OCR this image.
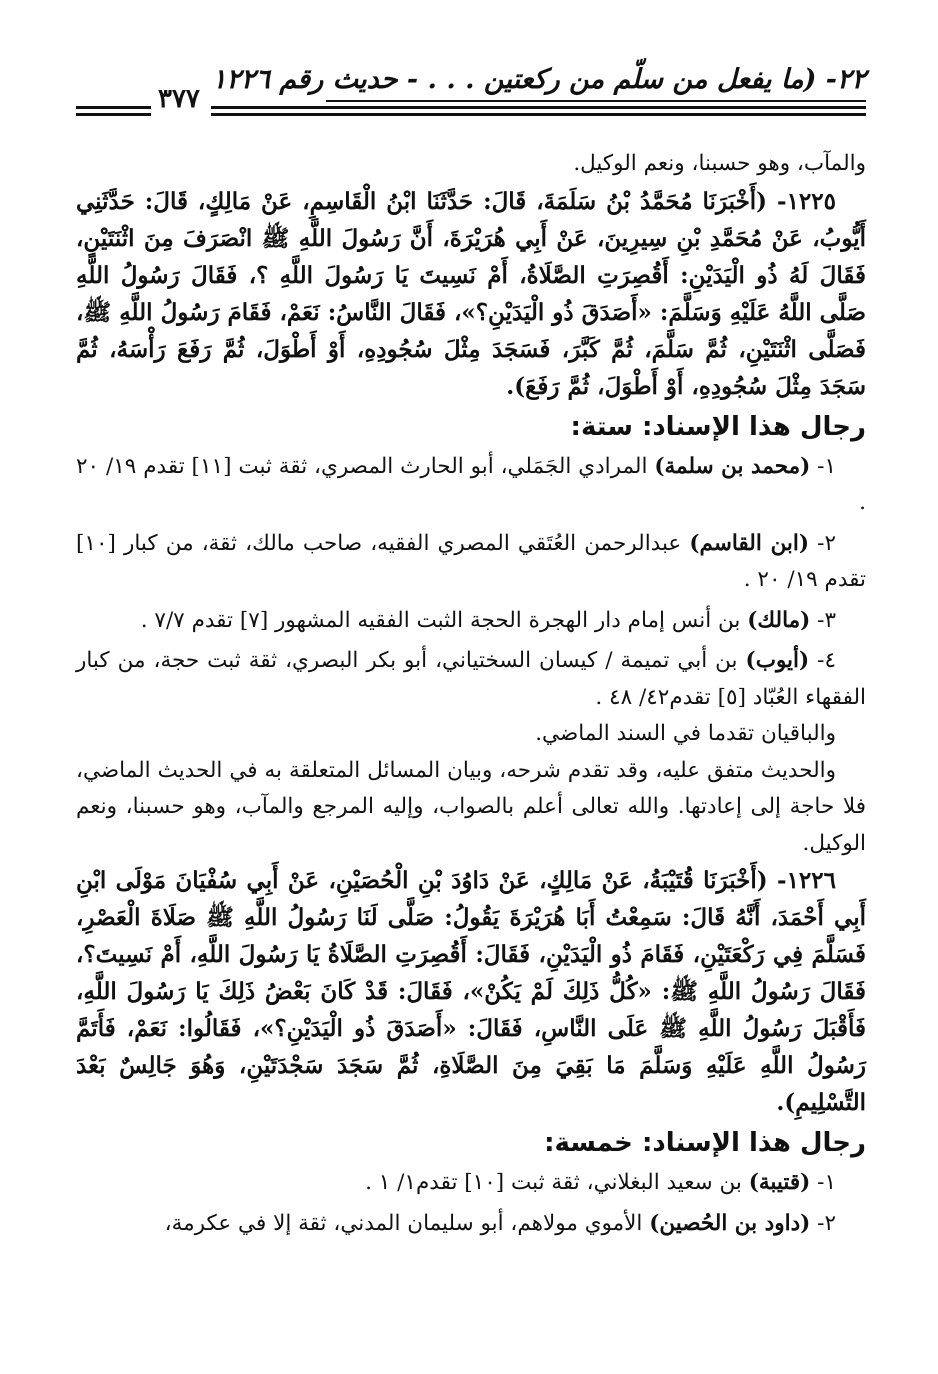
٢٢- (ما يفعل من سلّم من ركعتين . . . - حديث رقم ١٢٢٦
٣٧٧

والمآب، وهو حسبنا، ونعم الوكيل.

١٢٢٥- (أَخْبَرَنَا مُحَمَّدُ بْنُ سَلَمَةَ، قَالَ: حَدَّثَنَا ابْنُ الْقَاسِمِ، عَنْ مَالِكٍ، قَالَ: حَدَّثَنِي أَيُّوبُ، عَنْ مُحَمَّدِ بْنِ سِيرِينَ، عَنْ أَبِي هُرَيْرَةَ، أَنَّ رَسُولَ اللَّهِ ﷺ انْصَرَفَ مِنَ اثْنَتَيْنِ، فَقَالَ لَهُ ذُو الْيَدَيْنِ: أَقُصِرَتِ الصَّلَاةُ، أَمْ نَسِيتَ يَا رَسُولَ اللَّهِ ؟، فَقَالَ رَسُولُ اللَّهِ صَلَّى اللَّهُ عَلَيْهِ وَسَلَّمَ: «أَصَدَقَ ذُو الْيَدَيْنِ؟»، فَقَالَ النَّاسُ: نَعَمْ، فَقَامَ رَسُولُ اللَّهِ ﷺ، فَصَلَّى اثْنَتَيْنِ، ثُمَّ سَلَّمَ، ثُمَّ كَبَّرَ، فَسَجَدَ مِثْلَ سُجُودِهِ، أَوْ أَطْوَلَ، ثُمَّ رَفَعَ رَأْسَهُ، ثُمَّ سَجَدَ مِثْلَ سُجُودِهِ، أَوْ أَطْوَلَ، ثُمَّ رَفَعَ).

رجال هذا الإسناد: ستة:

١- (محمد بن سلمة) المرادي الجَمَلي، أبو الحارث المصري، ثقة ثبت [١١] تقدم ١٩/ ٢٠ .

٢- (ابن القاسم) عبدالرحمن العُتَقي المصري الفقيه، صاحب مالك، ثقة، من كبار [١٠] تقدم ١٩/ ٢٠ .

٣- (مالك) بن أنس إمام دار الهجرة الحجة الثبت الفقيه المشهور [٧] تقدم ٧/٧ .

٤- (أيوب) بن أبي تميمة / كيسان السختياني، أبو بكر البصري، ثقة ثبت حجة، من كبار الفقهاء العُبّاد [٥] تقدم٤٢/ ٤٨ .

والباقيان تقدما في السند الماضي.

والحديث متفق عليه، وقد تقدم شرحه، وبيان المسائل المتعلقة به في الحديث الماضي، فلا حاجة إلى إعادتها. والله تعالى أعلم بالصواب، وإليه المرجع والمآب، وهو حسبنا، ونعم الوكيل.

١٢٢٦- (أَخْبَرَنَا قُتَيْبَةُ، عَنْ مَالِكٍ، عَنْ دَاوُدَ بْنِ الْحُصَيْنِ، عَنْ أَبِي سُفْيَانَ مَوْلَى ابْنِ أَبِي أَحْمَدَ، أَنَّهُ قَالَ: سَمِعْتُ أَبَا هُرَيْرَةَ يَقُولُ: صَلَّى لَنَا رَسُولُ اللَّهِ ﷺ صَلَاةَ الْعَصْرِ، فَسَلَّمَ فِي رَكْعَتَيْنِ، فَقَامَ ذُو الْيَدَيْنِ، فَقَالَ: أَقُصِرَتِ الصَّلَاةُ يَا رَسُولَ اللَّهِ، أَمْ نَسِيتَ؟، فَقَالَ رَسُولُ اللَّهِ ﷺ: «كُلُّ ذَلِكَ لَمْ يَكُنْ»، فَقَالَ: قَدْ كَانَ بَعْضُ ذَلِكَ يَا رَسُولَ اللَّهِ، فَأَقْبَلَ رَسُولُ اللَّهِ ﷺ عَلَى النَّاسِ، فَقَالَ: «أَصَدَقَ ذُو الْيَدَيْنِ؟»، فَقَالُوا: نَعَمْ، فَأَتَمَّ رَسُولُ اللَّهِ عَلَيْهِ وَسَلَّمَ مَا بَقِيَ مِنَ الصَّلَاةِ، ثُمَّ سَجَدَ سَجْدَتَيْنِ، وَهُوَ جَالِسٌ بَعْدَ التَّسْلِيمِ).

رجال هذا الإسناد: خمسة:

١- (قتيبة) بن سعيد البغلاني، ثقة ثبت [١٠] تقدم١/ ١ .

٢- (داود بن الحُصين) الأموي مولاهم، أبو سليمان المدني، ثقة إلا في عكرمة،
